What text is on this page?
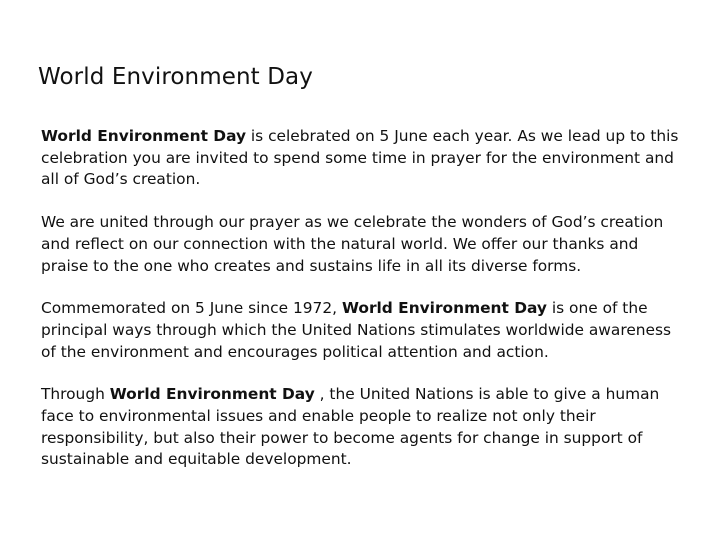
World Environment Day

World Environment Day is celebrated on 5 June each year. As we lead up to this celebration you are invited to spend some time in prayer for the environment and all of God’s creation.

We are united through our prayer as we celebrate the wonders of God’s creation and reflect on our connection with the natural world. We offer our thanks and praise to the one who creates and sustains life in all its diverse forms.

Commemorated on 5 June since 1972, World Environment Day is one of the principal ways through which the United Nations stimulates worldwide awareness of the environment and encourages political attention and action.

Through World Environment Day , the United Nations is able to give a human face to environmental issues and enable people to realize not only their responsibility, but also their power to become agents for change in support of sustainable and equitable development.
